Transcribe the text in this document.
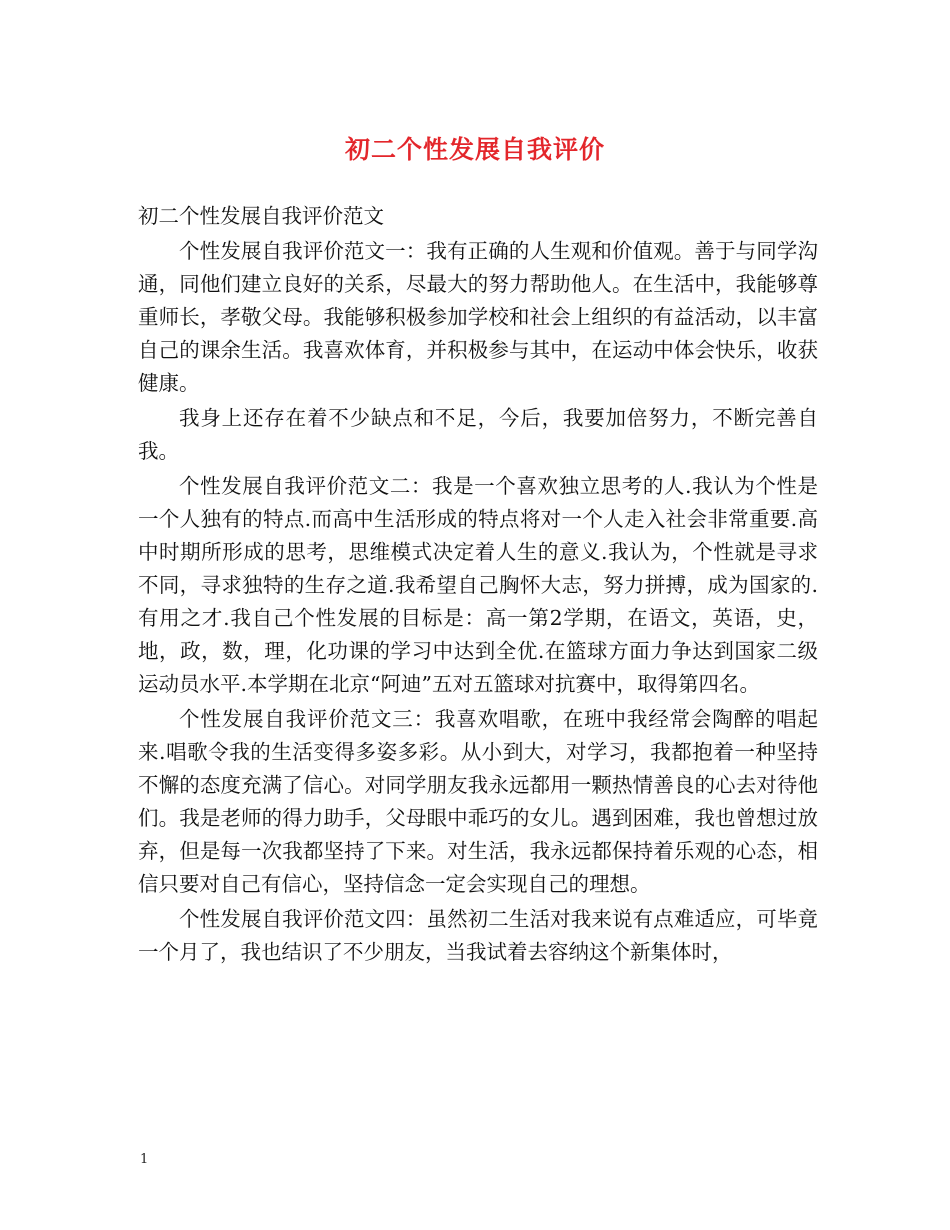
初二个性发展自我评价
初二个性发展自我评价范文

个性发展自我评价范文一：我有正确的人生观和价值观。善于与同学沟通，同他们建立良好的关系，尽最大的努力帮助他人。在生活中，我能够尊重师长，孝敬父母。我能够积极参加学校和社会上组织的有益活动，以丰富自己的课余生活。我喜欢体育，并积极参与其中，在运动中体会快乐，收获健康。

我身上还存在着不少缺点和不足，今后，我要加倍努力，不断完善自我。

个性发展自我评价范文二：我是一个喜欢独立思考的人.我认为个性是一个人独有的特点.而高中生活形成的特点将对一个人走入社会非常重要.高中时期所形成的思考，思维模式决定着人生的意义.我认为，个性就是寻求不同，寻求独特的生存之道.我希望自己胸怀大志，努力拼搏，成为国家的.有用之才.我自己个性发展的目标是：高一第2学期，在语文，英语，史，地，政，数，理，化功课的学习中达到全优.在篮球方面力争达到国家二级运动员水平.本学期在北京“阿迪”五对五篮球对抗赛中，取得第四名。

个性发展自我评价范文三：我喜欢唱歌，在班中我经常会陶醉的唱起来.唱歌令我的生活变得多姿多彩。从小到大，对学习，我都抱着一种坚持不懈的态度充满了信心。对同学朋友我永远都用一颗热情善良的心去对待他们。我是老师的得力助手，父母眼中乖巧的女儿。遇到困难，我也曾想过放弃，但是每一次我都坚持了下来。对生活，我永远都保持着乐观的心态，相信只要对自己有信心，坚持信念一定会实现自己的理想。

个性发展自我评价范文四：虽然初二生活对我来说有点难适应，可毕竟一个月了，我也结识了不少朋友，当我试着去容纳这个新集体时，

1
